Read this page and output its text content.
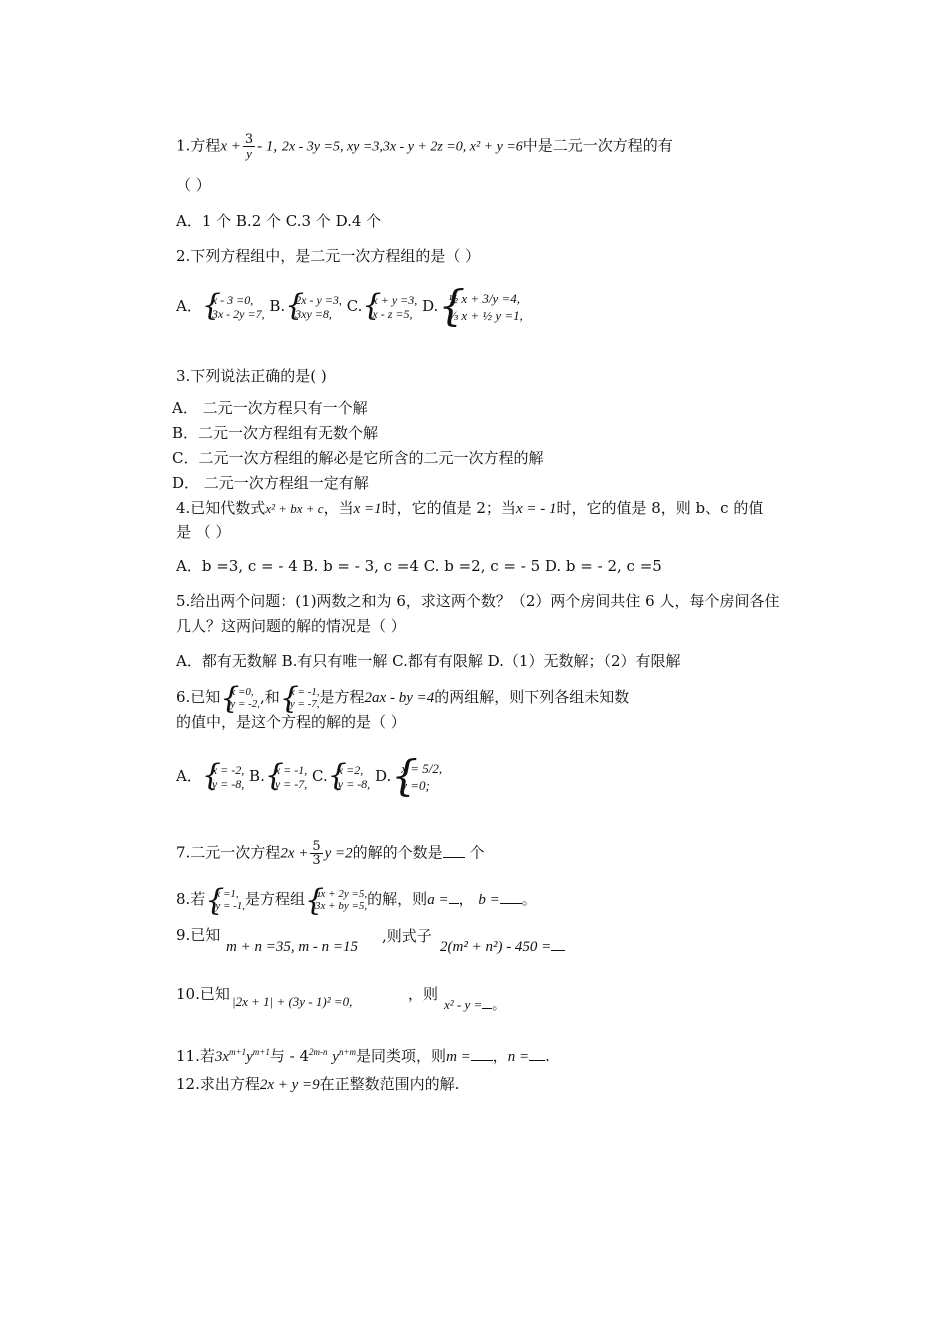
1.方程$x + \frac{3}{y} - 1$, 2x - 3y =5, xy =3,3x - y + 2z =0, x² + y =6中是二元一次方程的有
（ ）
A．1 个 B.2 个 C.3 个 D.4 个
2.下列方程组中，是二元一次方程组的是（ ）
A． { x - 3 =0,
3x - 2y =7, B. { 2x - y =3,
3xy =8, C. { x + y =3,
x - z =5, D. { ½ x + 3/y =4,
⅓ x + ½ y =1,
3.下列说法正确的是( )
A． 二元一次方程只有一个解
B．二元一次方程组有无数个解
C．二元一次方程组的解必是它所含的二元一次方程的解
D． 二元一次方程组一定有解
4.已知代数式x² + bx + c，当x =1时，它的值是 2；当x = - 1时，它的值是 8，则 b、c 的值
是 （ ）
A．b =3, c = - 4 B. b = - 3, c =4 C. b =2, c = - 5 D. b = - 2, c =5
5.给出两个问题：(1)两数之和为 6，求这两个数？（2）两个房间共住 6 人，每个房间各住
几人？这两问题的解的情况是（ ）
A．都有无数解 B.有只有唯一解 C.都有有限解 D.（1）无数解；（2）有限解
6.已知 { x =0,
y = -2, ,和 { x = -1,
y = -7, 是方程2ax - by =4的两组解，则下列各组未知数
的值中，是这个方程的解的是（ ）
A． { x = -2,
y = -8, B. { x = -1,
y = -7, C. { x =2,
y = -8, D. { x = 5/2,
y =0;
7.二元一次方程$2x + \frac{5}{3}$ y =2的解的个数是 个
8.若 { x =1,
y = -1, 是方程组 { ax + 2y =5,
3x + by =5, 的解，则a = ， b = 。
9.已知
m + n =35, m - n =15
,则式子
2(m² + n²) - 450 =
10.已知 |2x + 1| + (3y - 1)² =0,	，则
x² - y = 。
11.若$3x^{m+1}y^{m+1}$与 - $4^{2m-n}$ $y^{n+m}$是同类项，则m = ，n = .
12.求出方程2x + y =9在正整数范围内的解.
